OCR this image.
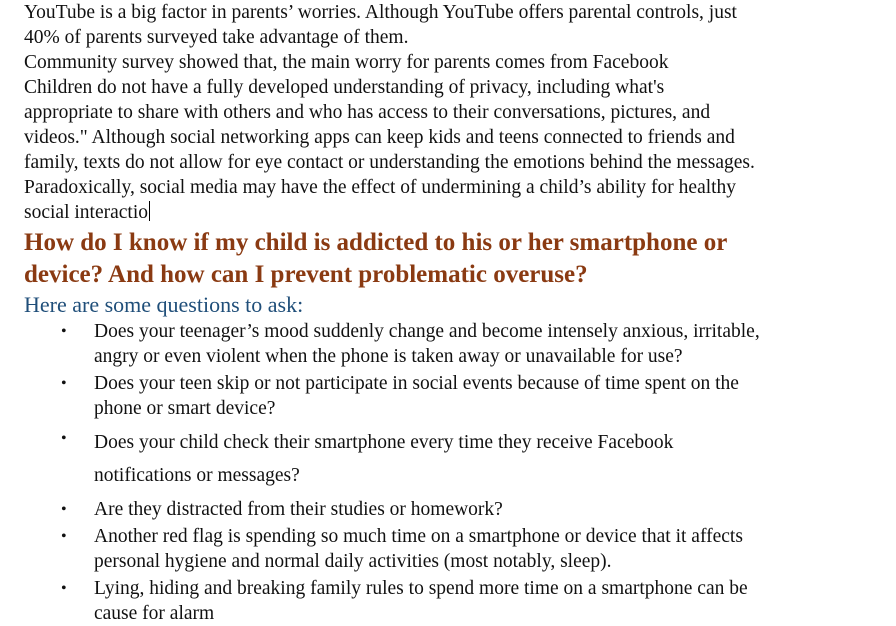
YouTube is a big factor in parents’ worries. Although YouTube offers parental controls, just
40% of parents surveyed take advantage of them.
Community survey showed that, the main worry for parents comes from Facebook
Children do not have a fully developed understanding of privacy, including what's
appropriate to share with others and who has access to their conversations, pictures, and
videos." Although social networking apps can keep kids and teens connected to friends and
family, texts do not allow for eye contact or understanding the emotions behind the messages.
Paradoxically, social media may have the effect of undermining a child’s ability for healthy
social interactio

How do I know if my child is addicted to his or her smartphone or
device? And how can I prevent problematic overuse?

Here are some questions to ask:

• Does your teenager’s mood suddenly change and become intensely anxious, irritable,
angry or even violent when the phone is taken away or unavailable for use?
• Does your teen skip or not participate in social events because of time spent on the
phone or smart device?
• Does your child check their smartphone every time they receive Facebook
notifications or messages?
• Are they distracted from their studies or homework?
• Another red flag is spending so much time on a smartphone or device that it affects
personal hygiene and normal daily activities (most notably, sleep).
• Lying, hiding and breaking family rules to spend more time on a smartphone can be
cause for alarm
